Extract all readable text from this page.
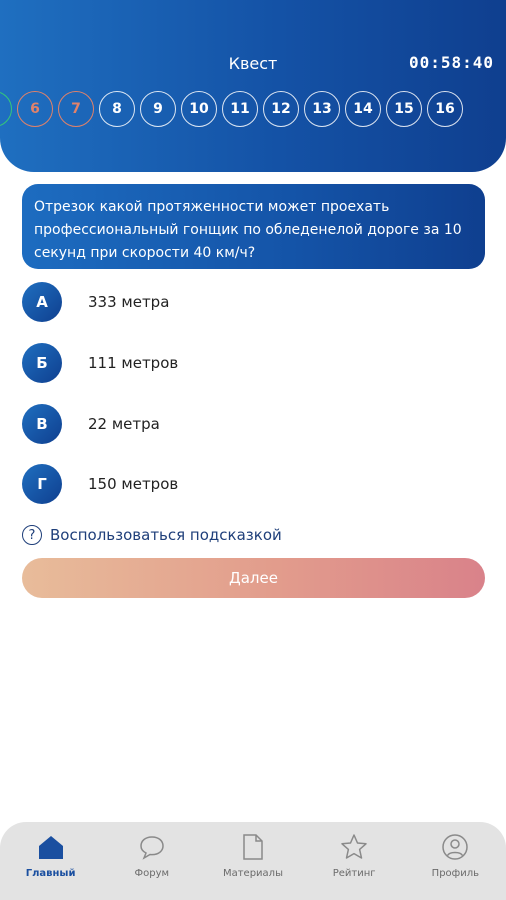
Квест	00:58:40
6	7	8	9	10	11	12	13	14	15	16
Отрезок какой протяженности может проехать профессиональный гонщик по обледенелой дороге за 10 секунд при скорости 40 км/ч?
А	333 метра
Б	111 метров
В	22 метра
Г	150 метров
? Воспользоваться подсказкой
Далее
Главный	Форум	Материалы	Рейтинг	Профиль
